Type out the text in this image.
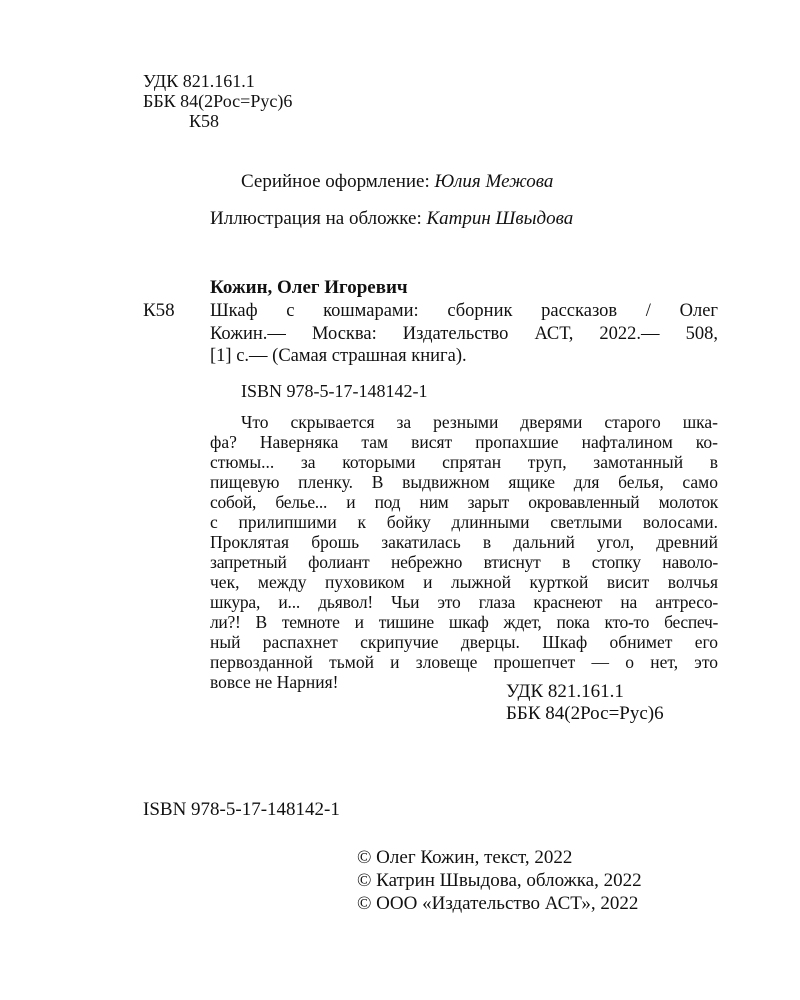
УДК 821.161.1
ББК 84(2Рос=Рус)6
К58
Серийное оформление: Юлия Межова
Иллюстрация на обложке: Катрин Швыдова
Кожин, Олег Игоревич
К58 Шкаф с кошмарами: сборник рассказов / Олег
Кожин.— Москва: Издательство АСТ, 2022.— 508,
[1] с.— (Самая страшная книга).
ISBN 978-5-17-148142-1
Что скрывается за резными дверями старого шка-
фа? Наверняка там висят пропахшие нафталином ко-
стюмы... за которыми спрятан труп, замотанный в
пищевую пленку. В выдвижном ящике для белья, само
собой, белье... и под ним зарыт окровавленный молоток
с прилипшими к бойку длинными светлыми волосами.
Проклятая брошь закатилась в дальний угол, древний
запретный фолиант небрежно втиснут в стопку наволо-
чек, между пуховиком и лыжной курткой висит волчья
шкура, и... дьявол! Чьи это глаза краснеют на антресо-
ли?! В темноте и тишине шкаф ждет, пока кто-то беспеч-
ный распахнет скрипучие дверцы. Шкаф обнимет его
первозданной тьмой и зловеще прошепчет — о нет, это
вовсе не Нарния!	УДК 821.161.1
ББК 84(2Рос=Рус)6
ISBN 978-5-17-148142-1
© Олег Кожин, текст, 2022
© Катрин Швыдова, обложка, 2022
© ООО «Издательство АСТ», 2022
